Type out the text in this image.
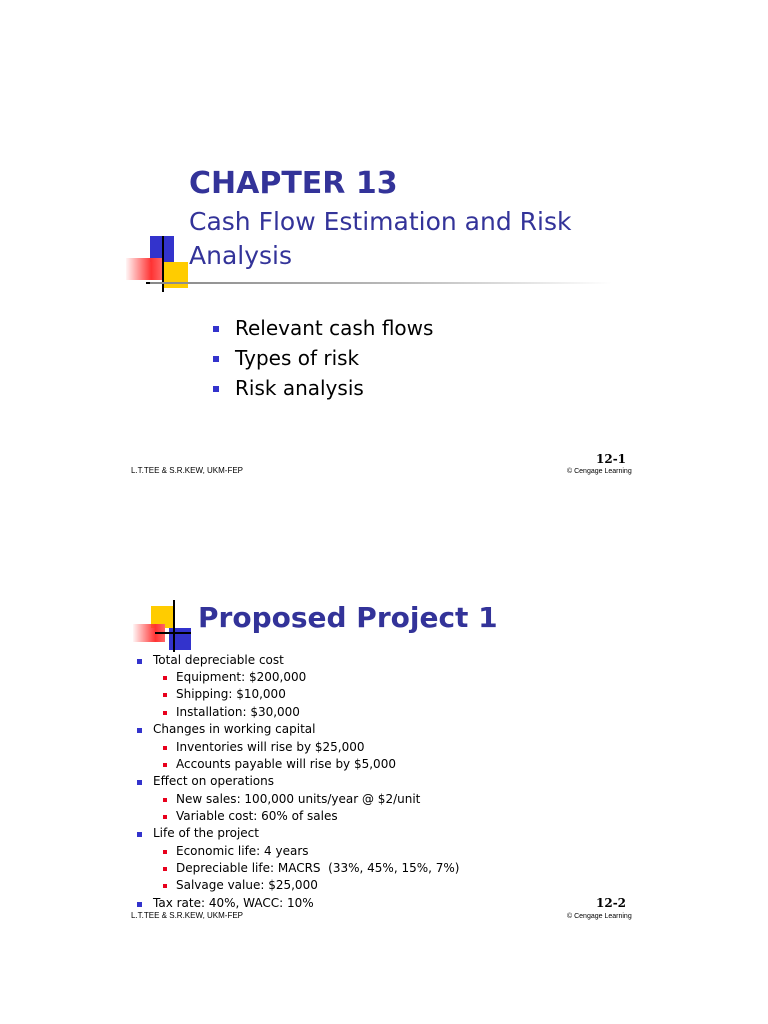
CHAPTER 13
Cash Flow Estimation and Risk
Analysis
Relevant cash flows
Types of risk
Risk analysis
12-1
L.T.TEE & S.R.KEW, UKM-FEP	© Cengage Learning
Proposed Project 1
Total depreciable cost
Equipment: $200,000
Shipping: $10,000
Installation: $30,000
Changes in working capital
Inventories will rise by $25,000
Accounts payable will rise by $5,000
Effect on operations
New sales: 100,000 units/year @ $2/unit
Variable cost: 60% of sales
Life of the project
Economic life: 4 years
Depreciable life: MACRS  (33%, 45%, 15%, 7%)
Salvage value: $25,000
Tax rate: 40%, WACC: 10%	12-2
L.T.TEE & S.R.KEW, UKM-FEP	© Cengage Learning
